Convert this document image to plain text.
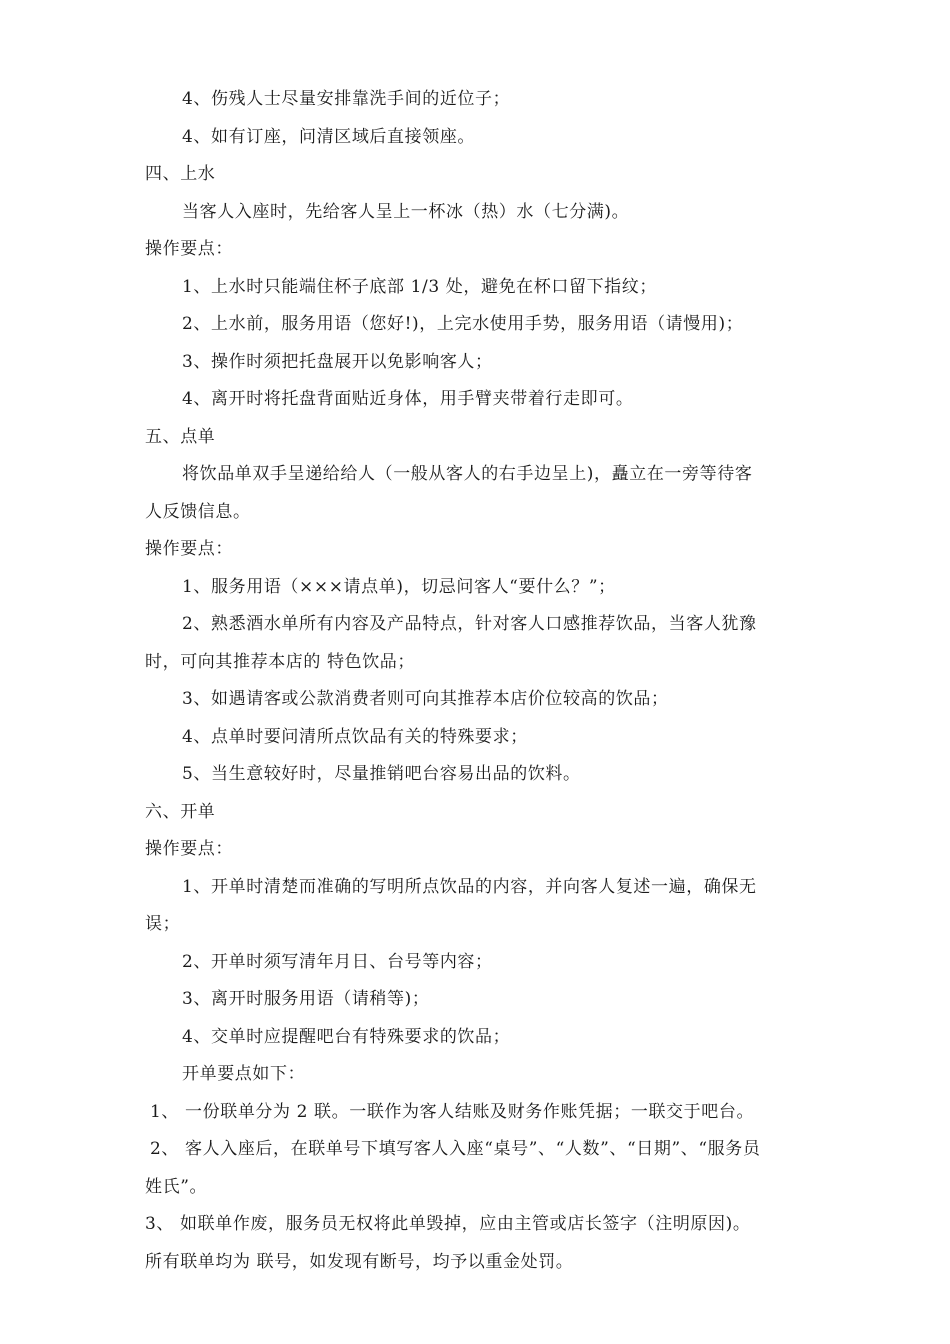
4、伤残人士尽量安排靠洗手间的近位子；
4、如有订座，问清区域后直接领座。
四、上水
当客人入座时，先给客人呈上一杯冰（热）水（七分满)。
操作要点：
1、上水时只能端住杯子底部 1/3 处，避免在杯口留下指纹；
2、上水前，服务用语（您好!)，上完水使用手势，服务用语（请慢用)；
3、操作时须把托盘展开以免影响客人；
4、离开时将托盘背面贴近身体，用手臂夹带着行走即可。
五、点单
将饮品单双手呈递给给人（一般从客人的右手边呈上)，矗立在一旁等待客
人反馈信息。
操作要点：
1、服务用语（×××请点单)，切忌问客人“要什么？”；
2、熟悉酒水单所有内容及产品特点，针对客人口感推荐饮品，当客人犹豫
时，可向其推荐本店的 特色饮品；
3、如遇请客或公款消费者则可向其推荐本店价位较高的饮品；
4、点单时要问清所点饮品有关的特殊要求；
5、当生意较好时，尽量推销吧台容易出品的饮料。
六、开单
操作要点：
1、开单时清楚而准确的写明所点饮品的内容，并向客人复述一遍，确保无
误；
2、开单时须写清年月日、台号等内容；
3、离开时服务用语（请稍等)；
4、交单时应提醒吧台有特殊要求的饮品；
开单要点如下：
1、 一份联单分为 2 联。一联作为客人结账及财务作账凭据；一联交于吧台。
2、 客人入座后，在联单号下填写客人入座“桌号”、“人数”、“日期”、“服务员
姓氏”。
3、 如联单作废，服务员无权将此单毁掉，应由主管或店长签字（注明原因)。
所有联单均为 联号，如发现有断号，均予以重金处罚。
